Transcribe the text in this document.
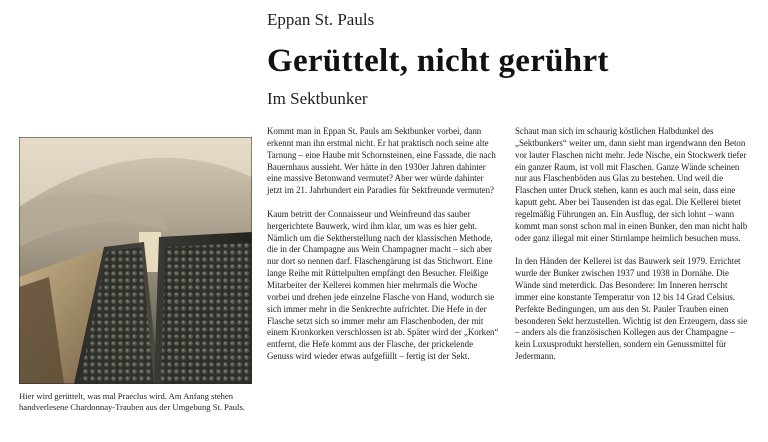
Eppan St. Pauls
Gerüttelt, nicht gerührt
Im Sektbunker
Hier wird gerüttelt, was mal Praeclus wird. Am Anfang stehen handverlesene Chardonnay-Trauben aus der Umgebung St. Pauls.

Kommt man in Eppan St. Pauls am Sektbunker vorbei, dann erkennt man ihn erstmal nicht. Er hat praktisch noch seine alte Tarnung – eine Haube mit Schornsteinen, eine Fassade, die nach Bauernhaus aussieht. Wer hätte in den 1930er Jahren dahinter eine massive Betonwand vermutet? Aber wer würde dahinter jetzt im 21. Jahrhundert ein Paradies für Sektfreunde vermuten?

Kaum betritt der Connaisseur und Weinfreund das sauber hergerichtete Bauwerk, wird ihm klar, um was es hier geht. Nämlich um die Sektherstellung nach der klassischen Methode, die in der Champagne aus Wein Champagner macht – sich aber nur dort so nennen darf. Flaschengärung ist das Stichwort. Eine lange Reihe mit Rüttelpulten empfängt den Besucher. Fleißige Mitarbeiter der Kellerei kommen hier mehrmals die Woche vorbei und drehen jede einzelne Flasche von Hand, wodurch sie sich immer mehr in die Senkrechte aufrichtet. Die Hefe in der Flasche setzt sich so immer mehr am Flaschenboden, der mit einem Kronkorken verschlossen ist ab. Später wird der „Korken“ entfernt, die Hefe kommt aus der Flasche, der prickelende Genuss wird wieder etwas aufgefüllt – fertig ist der Sekt.

Schaut man sich im schaurig köstlichen Halbdunkel des „Sektbunkers“ weiter um, dann sieht man irgendwann den Beton vor lauter Flaschen nicht mehr. Jede Nische, ein Stockwerk tiefer ein ganzer Raum, ist voll mit Flaschen. Ganze Wände scheinen nur aus Flaschenböden aus Glas zu bestehen. Und weil die Flaschen unter Druck stehen, kann es auch mal sein, dass eine kaputt geht. Aber bei Tausenden ist das egal. Die Kellerei bietet regelmäßig Führungen an. Ein Ausflug, der sich lohnt – wann kommt man sonst schon mal in einen Bunker, den man nicht halb oder ganz illegal mit einer Stirnlampe heimlich besuchen muss.

In den Händen der Kellerei ist das Bauwerk seit 1979. Errichtet wurde der Bunker zwischen 1937 und 1938 in Dornähe. Die Wände sind meterdick. Das Besondere: Im Inneren herrscht immer eine konstante Temperatur von 12 bis 14 Grad Celsius. Perfekte Bedingungen, um aus den St. Pauler Trauben einen besonderen Sekt herzustellen. Wichtig ist den Erzeugern, dass sie – anders als die französischen Kollegen aus der Champagne – kein Luxusprodukt herstellen, sondern ein Genussmittel für Jedermann.
